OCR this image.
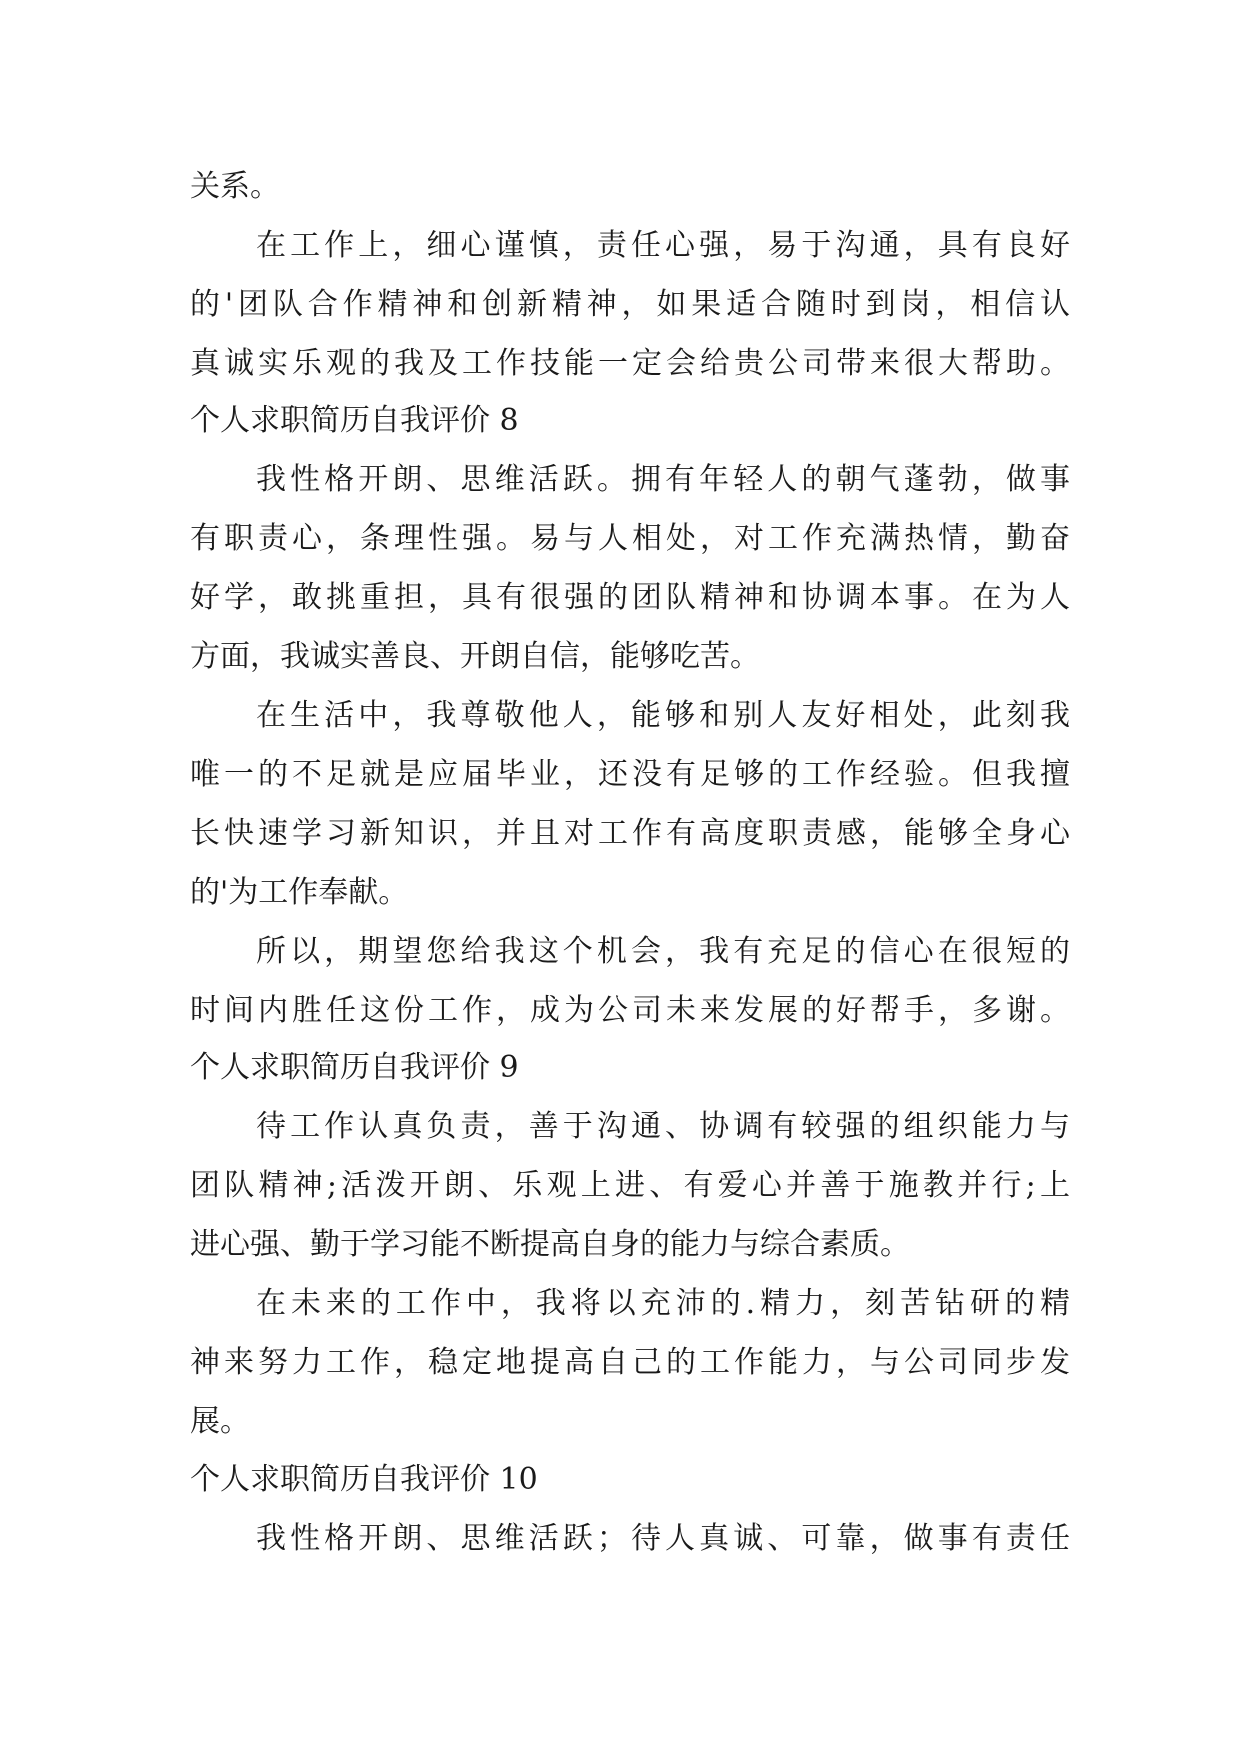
关系。
在工作上，细心谨慎，责任心强，易于沟通，具有良好
的'团队合作精神和创新精神，如果适合随时到岗，相信认
真诚实乐观的我及工作技能一定会给贵公司带来很大帮助。
个人求职简历自我评价 8
我性格开朗、思维活跃。拥有年轻人的朝气蓬勃，做事
有职责心，条理性强。易与人相处，对工作充满热情，勤奋
好学，敢挑重担，具有很强的团队精神和协调本事。在为人
方面，我诚实善良、开朗自信，能够吃苦。
在生活中，我尊敬他人，能够和别人友好相处，此刻我
唯一的不足就是应届毕业，还没有足够的工作经验。但我擅
长快速学习新知识，并且对工作有高度职责感，能够全身心
的'为工作奉献。
所以，期望您给我这个机会，我有充足的信心在很短的
时间内胜任这份工作，成为公司未来发展的好帮手，多谢。
个人求职简历自我评价 9
待工作认真负责，善于沟通、协调有较强的组织能力与
团队精神;活泼开朗、乐观上进、有爱心并善于施教并行;上
进心强、勤于学习能不断提高自身的能力与综合素质。
在未来的工作中，我将以充沛的.精力，刻苦钻研的精
神来努力工作，稳定地提高自己的工作能力，与公司同步发
展。
个人求职简历自我评价 10
我性格开朗、思维活跃；待人真诚、可靠，做事有责任
